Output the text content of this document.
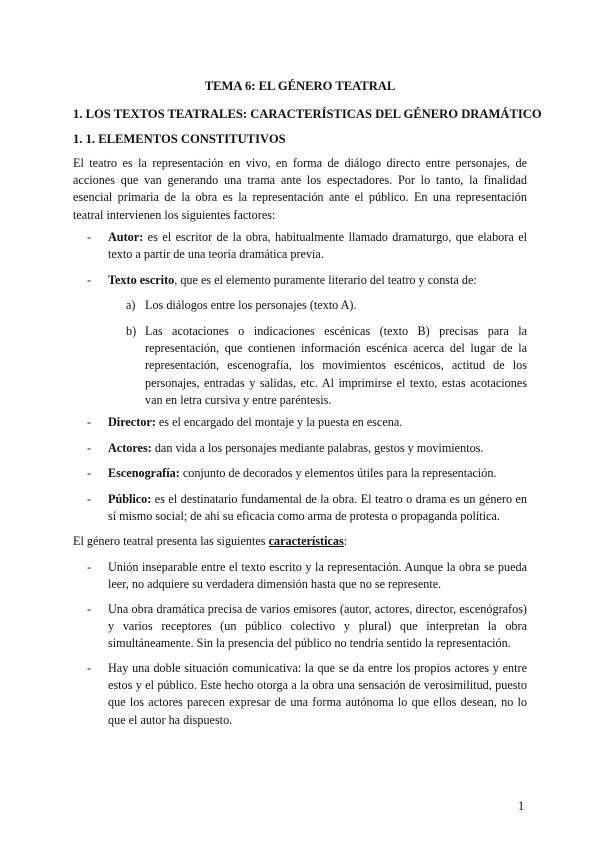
TEMA 6: EL GÉNERO TEATRAL
1. LOS TEXTOS TEATRALES: CARACTERÍSTICAS DEL GÉNERO DRAMÁTICO
1. 1. ELEMENTOS CONSTITUTIVOS

El teatro es la representación en vivo, en forma de diálogo directo entre personajes, de acciones que van generando una trama ante los espectadores. Por lo tanto, la finalidad esencial primaria de la obra es la representación ante el público. En una representación teatral intervienen los siguientes factores:

- Autor: es el escritor de la obra, habitualmente llamado dramaturgo, que elabora el texto a partir de una teoría dramática previa.
- Texto escrito, que es el elemento puramente literario del teatro y consta de:
a) Los diálogos entre los personajes (texto A).
b) Las acotaciones o indicaciones escénicas (texto B) precisas para la representación, que contienen información escénica acerca del lugar de la representación, escenografía, los movimientos escénicos, actitud de los personajes, entradas y salidas, etc. Al imprimirse el texto, estas acotaciones van en letra cursiva y entre paréntesis.
- Director: es el encargado del montaje y la puesta en escena.
- Actores: dan vida a los personajes mediante palabras, gestos y movimientos.
- Escenografía: conjunto de decorados y elementos útiles para la representación.
- Público: es el destinatario fundamental de la obra. El teatro o drama es un género en sí mismo social; de ahí su eficacia como arma de protesta o propaganda política.

El género teatral presenta las siguientes características:

- Unión inseparable entre el texto escrito y la representación. Aunque la obra se pueda leer, no adquiere su verdadera dimensión hasta que no se represente.
- Una obra dramática precisa de varios emisores (autor, actores, director, escenógrafos) y varios receptores (un público colectivo y plural) que interpretan la obra simultáneamente. Sin la presencia del público no tendría sentido la representación.
- Hay una doble situación comunicativa: la que se da entre los propios actores y entre estos y el público. Este hecho otorga a la obra una sensación de verosimilitud, puesto que los actores parecen expresar de una forma autónoma lo que ellos desean, no lo que el autor ha dispuesto.
1
